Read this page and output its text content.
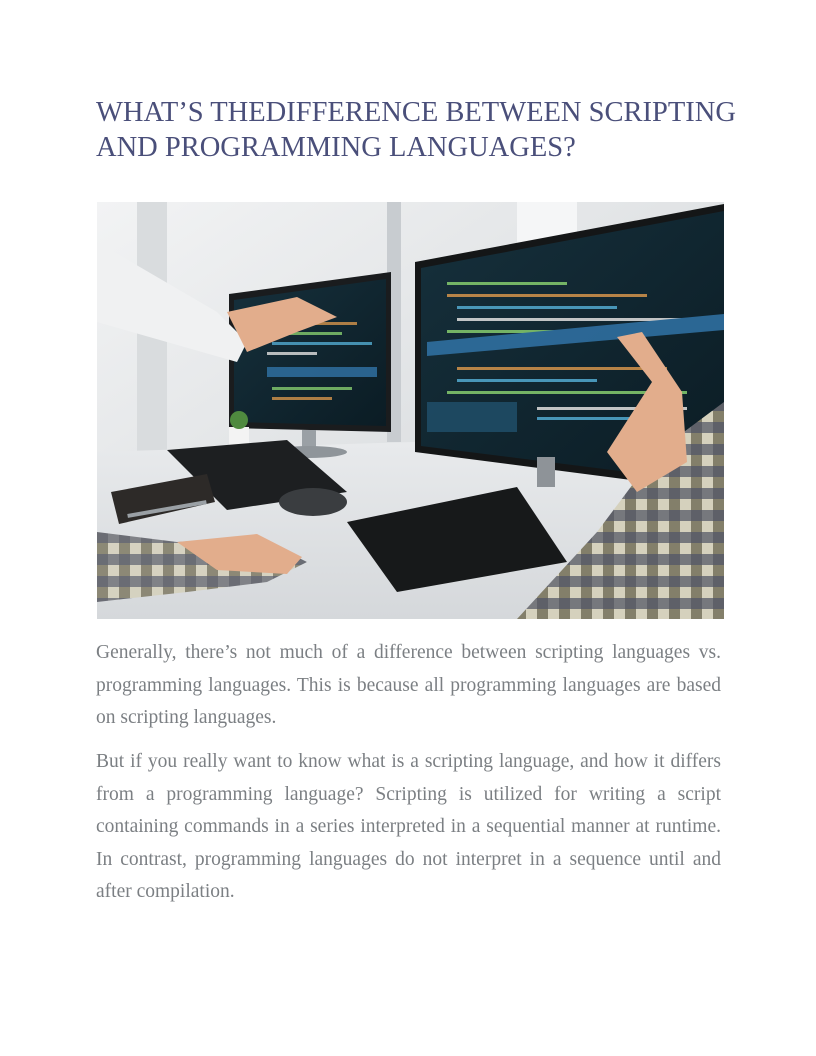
WHAT’S THEDIFFERENCE BETWEEN SCRIPTING AND PROGRAMMING LANGUAGES?

Generally, there’s not much of a difference between scripting languages vs. programming languages. This is because all programming languages are based on scripting languages.

But if you really want to know what is a scripting language, and how it differs from a programming language? Scripting is utilized for writing a script containing commands in a series interpreted in a sequential manner at runtime. In contrast, programming languages do not interpret in a sequence until and after compilation.
